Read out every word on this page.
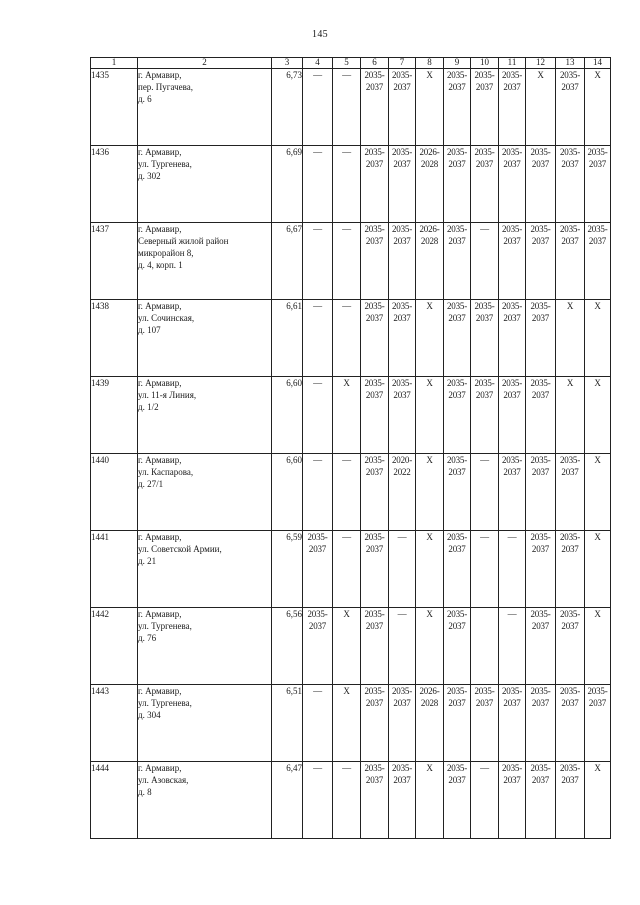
145
1	2	3	4	5	6	7	8	9	10	11	12	13	14
1435	г. Армавир,
пер. Пугачева,
д. 6	6,73	—	—	2035-
2037	2035-
2037	X	2035-
2037	2035-
2037	2035-
2037	X	2035-
2037	X
1436	г. Армавир,
ул. Тургенева,
д. 302	6,69	—	—	2035-
2037	2035-
2037	2026-
2028	2035-
2037	2035-
2037	2035-
2037	2035-
2037	2035-
2037	2035-
2037
1437	г. Армавир,
Северный жилой район
микрорайон 8,
д. 4, корп. 1	6,67	—	—	2035-
2037	2035-
2037	2026-
2028	2035-
2037	—	2035-
2037	2035-
2037	2035-
2037	2035-
2037
1438	г. Армавир,
ул. Сочинская,
д. 107	6,61	—	—	2035-
2037	2035-
2037	X	2035-
2037	2035-
2037	2035-
2037	2035-
2037	X	X
1439	г. Армавир,
ул. 11-я Линия,
д. 1/2	6,60	—	X	2035-
2037	2035-
2037	X	2035-
2037	2035-
2037	2035-
2037	2035-
2037	X	X
1440	г. Армавир,
ул. Каспарова,
д. 27/1	6,60	—	—	2035-
2037	2020-
2022	X	2035-
2037	—	2035-
2037	2035-
2037	2035-
2037	X
1441	г. Армавир,
ул. Советской Армии,
д. 21	6,59	2035-
2037	—	2035-
2037	—	X	2035-
2037	—	—	2035-
2037	2035-
2037	X
1442	г. Армавир,
ул. Тургенева,
д. 76	6,56	2035-
2037	X	2035-
2037	—	X	2035-
2037		—	2035-
2037	2035-
2037	X
1443	г. Армавир,
ул. Тургенева,
д. 304	6,51	—	X	2035-
2037	2035-
2037	2026-
2028	2035-
2037	2035-
2037	2035-
2037	2035-
2037	2035-
2037	2035-
2037
1444	г. Армавир,
ул. Азовская,
д. 8	6,47	—	—	2035-
2037	2035-
2037	X	2035-
2037	—	2035-
2037	2035-
2037	2035-
2037	X
